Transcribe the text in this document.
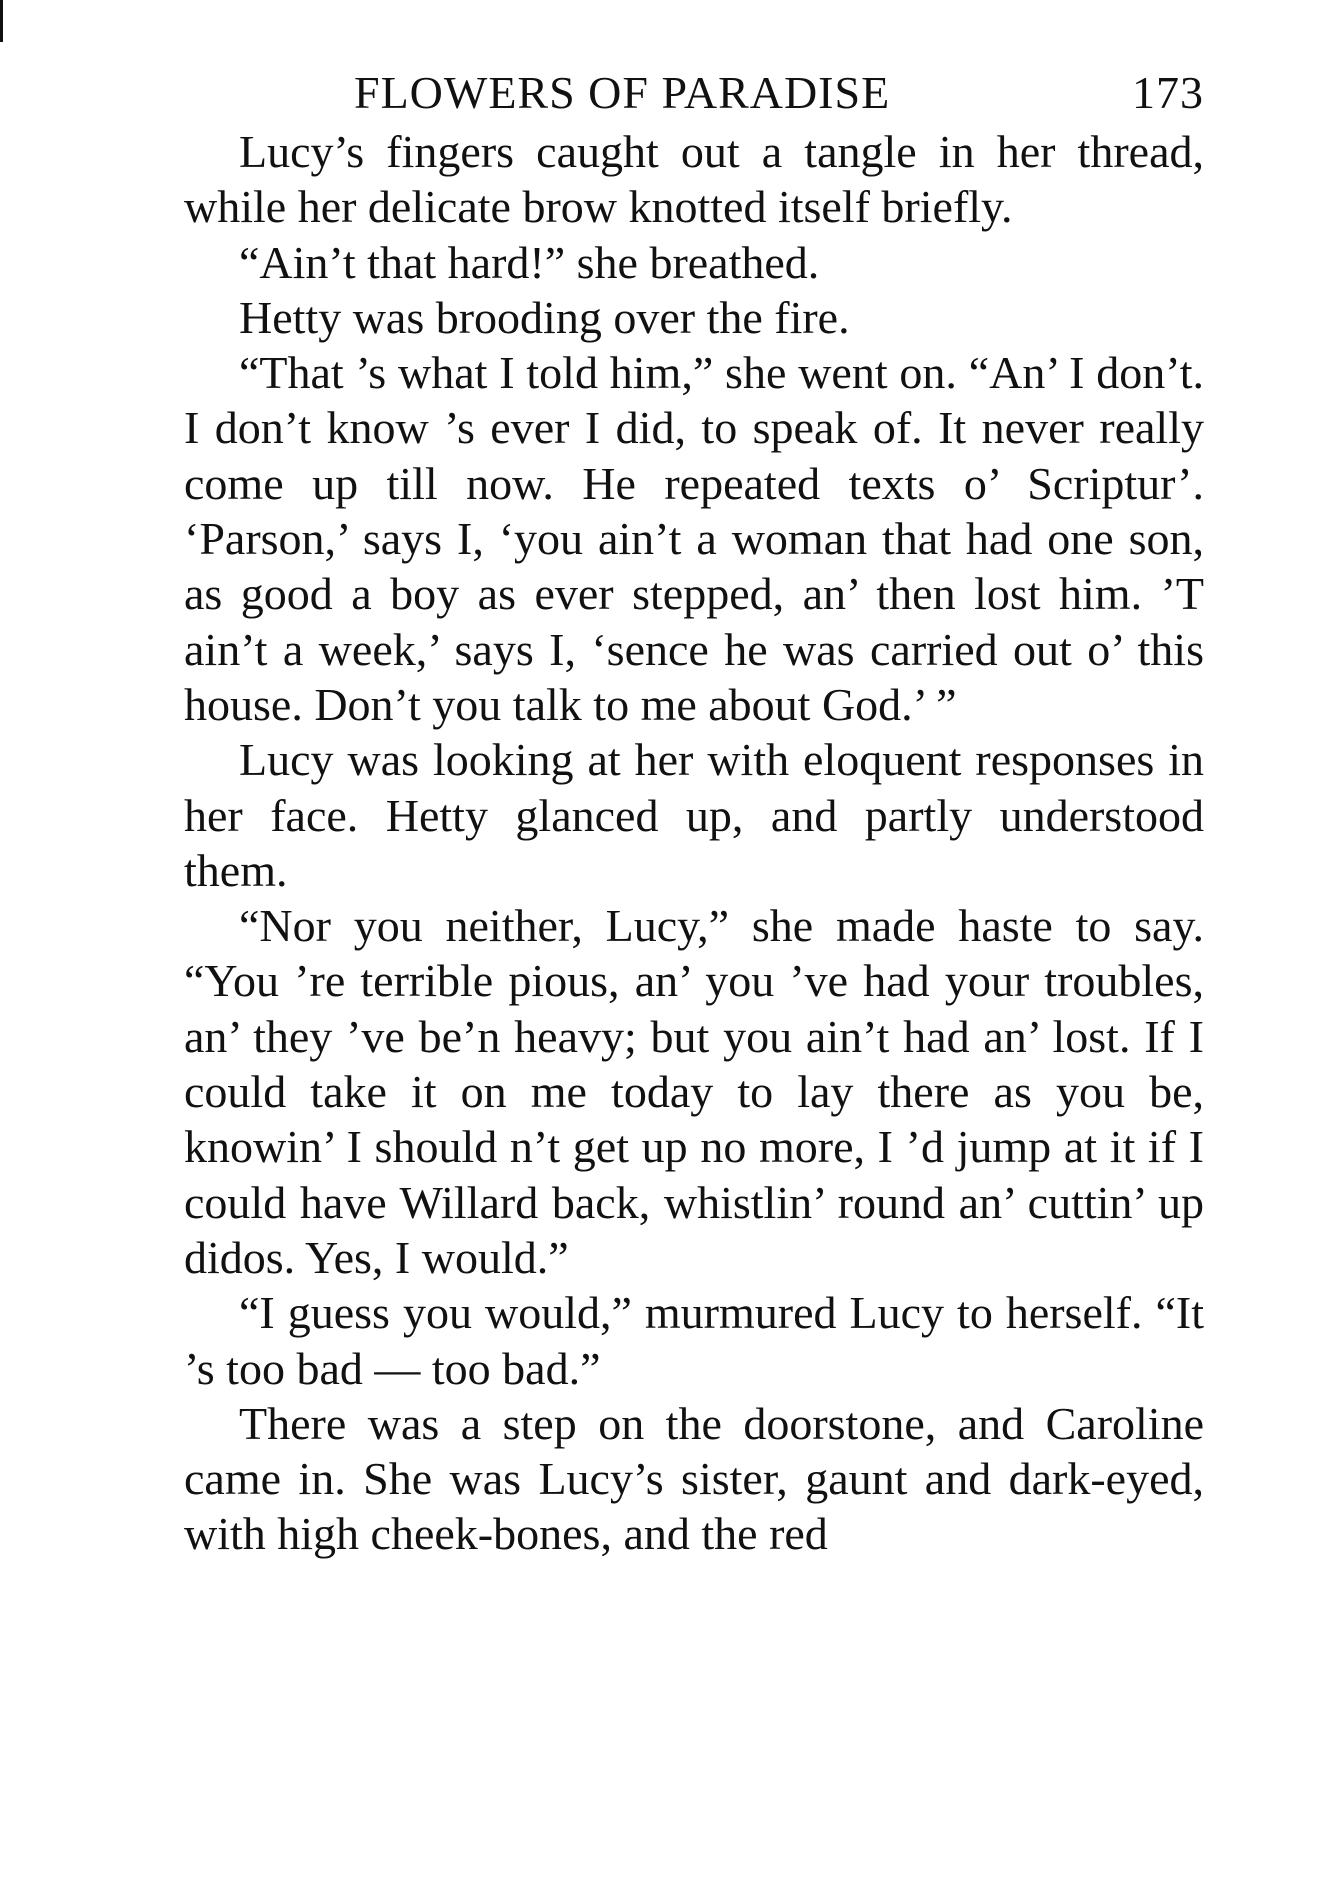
FLOWERS OF PARADISE	173

Lucy’s fingers caught out a tangle in her thread, while her delicate brow knotted itself briefly.

“Ain’t that hard!” she breathed.

Hetty was brooding over the fire.

“That ’s what I told him,” she went on. “An’ I don’t. I don’t know ’s ever I did, to speak of. It never really come up till now. He repeated texts o’ Scriptur’. ‘Parson,’ says I, ‘you ain’t a woman that had one son, as good a boy as ever stepped, an’ then lost him. ’T ain’t a week,’ says I, ‘sence he was carried out o’ this house. Don’t you talk to me about God.’ ”

Lucy was looking at her with eloquent responses in her face. Hetty glanced up, and partly understood them.

“Nor you neither, Lucy,” she made haste to say. “You ’re terrible pious, an’ you ’ve had your troubles, an’ they ’ve be’n heavy; but you ain’t had an’ lost. If I could take it on me today to lay there as you be, knowin’ I should n’t get up no more, I ’d jump at it if I could have Willard back, whistlin’ round an’ cuttin’ up didos. Yes, I would.”

“I guess you would,” murmured Lucy to herself. “It ’s too bad — too bad.”

There was a step on the doorstone, and Caroline came in. She was Lucy’s sister, gaunt and dark-eyed, with high cheek-bones, and the red
